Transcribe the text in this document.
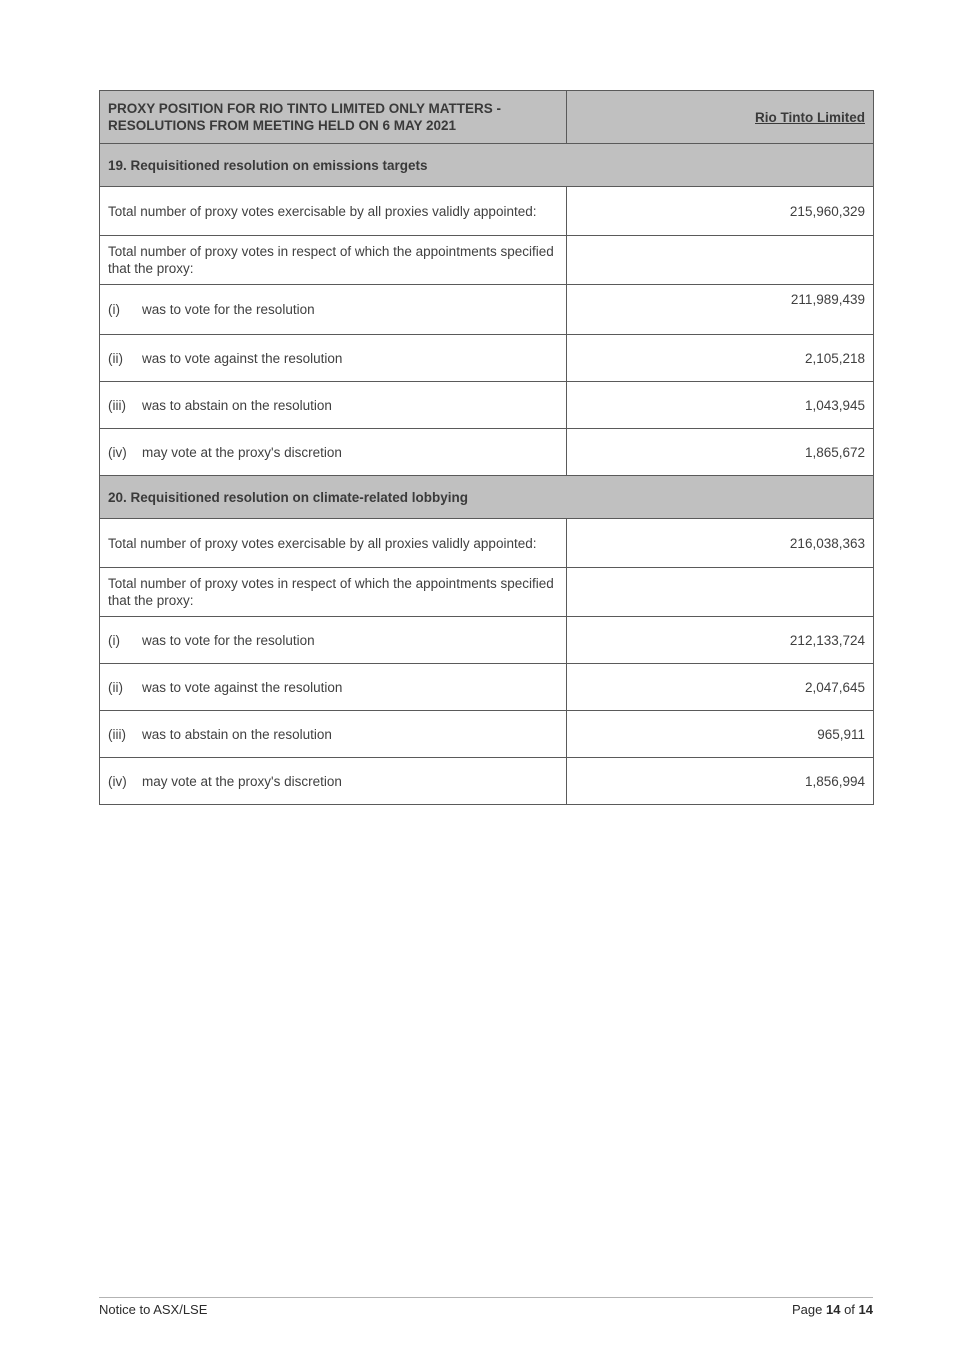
PROXY POSITION FOR RIO TINTO LIMITED ONLY MATTERS - RESOLUTIONS FROM MEETING HELD ON 6 MAY 2021	Rio Tinto Limited
19. Requisitioned resolution on emissions targets	
Total number of proxy votes exercisable by all proxies validly appointed:	215,960,329
Total number of proxy votes in respect of which the appointments specified that the proxy:	
(i) was to vote for the resolution	211,989,439
(ii) was to vote against the resolution	2,105,218
(iii) was to abstain on the resolution	1,043,945
(iv) may vote at the proxy's discretion	1,865,672
20. Requisitioned resolution on climate-related lobbying	
Total number of proxy votes exercisable by all proxies validly appointed:	216,038,363
Total number of proxy votes in respect of which the appointments specified that the proxy:	
(i) was to vote for the resolution	212,133,724
(ii) was to vote against the resolution	2,047,645
(iii) was to abstain on the resolution	965,911
(iv) may vote at the proxy's discretion	1,856,994
Notice to ASX/LSE	Page 14 of 14
